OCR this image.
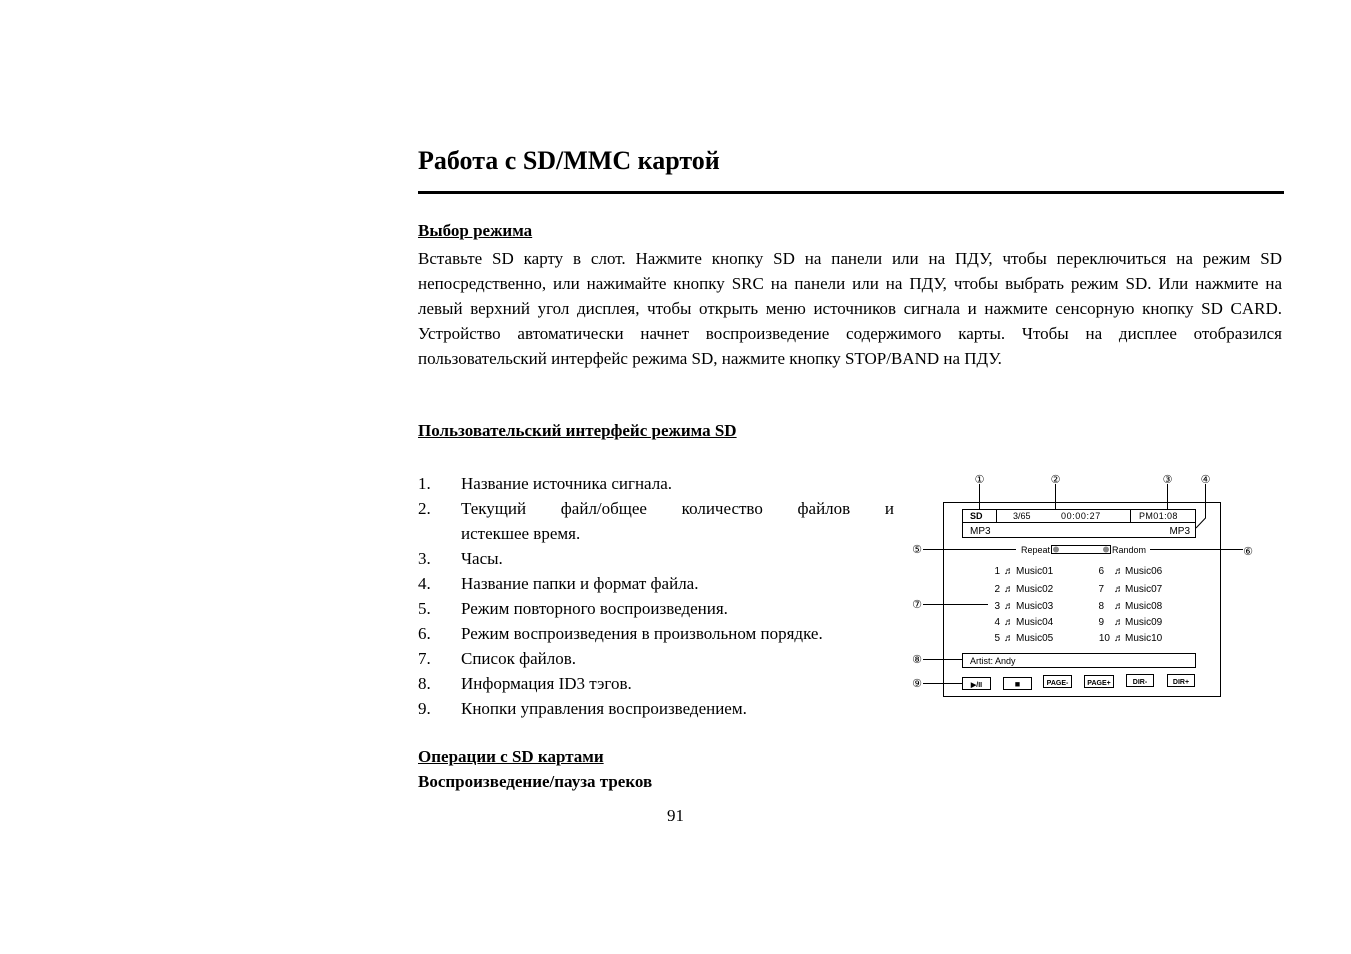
Работа с SD/MMC картой
Выбор режима
Вставьте SD карту в слот. Нажмите кнопку SD на панели или на ПДУ, чтобы переключиться на режим SD непосредственно, или нажимайте кнопку SRC на панели или на ПДУ, чтобы выбрать режим SD. Или нажмите на левый верхний угол дисплея, чтобы открыть меню источников сигнала и нажмите сенсорную кнопку SD CARD. Устройство автоматически начнет воспроизведение содержимого карты. Чтобы на дисплее отобразился пользовательский интерфейс режима SD, нажмите кнопку STOP/BAND на ПДУ.
Пользовательский интерфейс режима SD
1.	Название источника сигнала.
2.	Текущий файл/общее количество файлов и
истекшее время.
3.	Часы.
4.	Название папки и формат файла.
5.	Режим повторного воспроизведения.
6.	Режим воспроизведения в произвольном порядке.
7.	Список файлов.
8.	Информация ID3 тэгов.
9.	Кнопки управления воспроизведением.
①	②	③	④
⑤	⑥
⑦
⑧
⑨
SD	3/65	00:00:27	PM01:08
MP3	MP3
Repeat	Random
1 ♬ Music01
2 ♬ Music02
3 ♬ Music03
4 ♬ Music04
5 ♬ Music05
6 ♬ Music06
7 ♬ Music07
8 ♬ Music08
9 ♬ Music09
10 ♬ Music10
Artist: Andy
▶/II	■	PAGE-	PAGE+	DIR-	DIR+
Операции с SD картами
Воспроизведение/пауза треков
91
